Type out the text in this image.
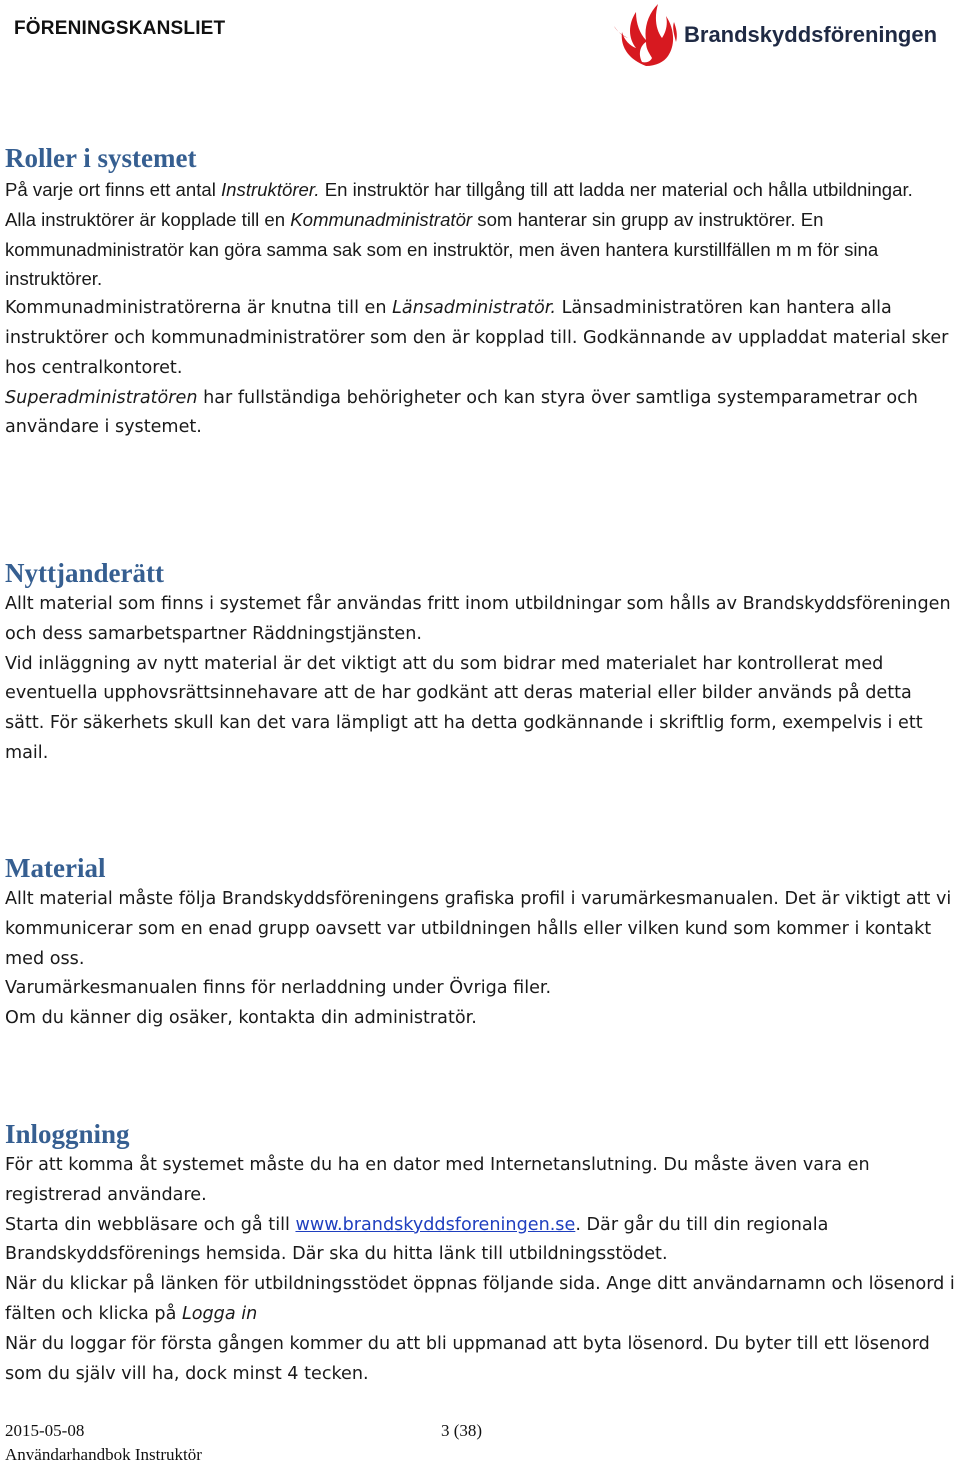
FÖRENINGSKANSLIET	Brandskyddsföreningen
Roller i systemet

På varje ort finns ett antal Instruktörer. En instruktör har tillgång till att ladda ner material och hålla utbildningar.

Alla instruktörer är kopplade till en Kommunadministratör som hanterar sin grupp av instruktörer. En kommunadministratör kan göra samma sak som en instruktör, men även hantera kurstillfällen m m för sina instruktörer.

Kommunadministratörerna är knutna till en Länsadministratör. Länsadministratören kan hantera alla instruktörer och kommunadministratörer som den är kopplad till. Godkännande av uppladdat material sker hos centralkontoret.

Superadministratören har fullständiga behörigheter och kan styra över samtliga systemparametrar och användare i systemet.

Nyttjanderätt

Allt material som finns i systemet får användas fritt inom utbildningar som hålls av Brandskyddsföreningen och dess samarbetspartner Räddningstjänsten.

Vid inläggning av nytt material är det viktigt att du som bidrar med materialet har kontrollerat med eventuella upphovsrättsinnehavare att de har godkänt att deras material eller bilder används på detta sätt. För säkerhets skull kan det vara lämpligt att ha detta godkännande i skriftlig form, exempelvis i ett mail.

Material

Allt material måste följa Brandskyddsföreningens grafiska profil i varumärkesmanualen. Det är viktigt att vi kommunicerar som en enad grupp oavsett var utbildningen hålls eller vilken kund som kommer i kontakt med oss.

Varumärkesmanualen finns för nerladdning under Övriga filer.

Om du känner dig osäker, kontakta din administratör.

Inloggning

För att komma åt systemet måste du ha en dator med Internetanslutning. Du måste även vara en registrerad användare.

Starta din webbläsare och gå till www.brandskyddsforeningen.se. Där går du till din regionala Brandskyddsförenings hemsida. Där ska du hitta länk till utbildningsstödet.

När du klickar på länken för utbildningsstödet öppnas följande sida. Ange ditt användarnamn och lösenord i fälten och klicka på Logga in

När du loggar för första gången kommer du att bli uppmanad att byta lösenord. Du byter till ett lösenord som du själv vill ha, dock minst 4 tecken.

2015-05-08
Användarhandbok Instruktör
3 (38)
